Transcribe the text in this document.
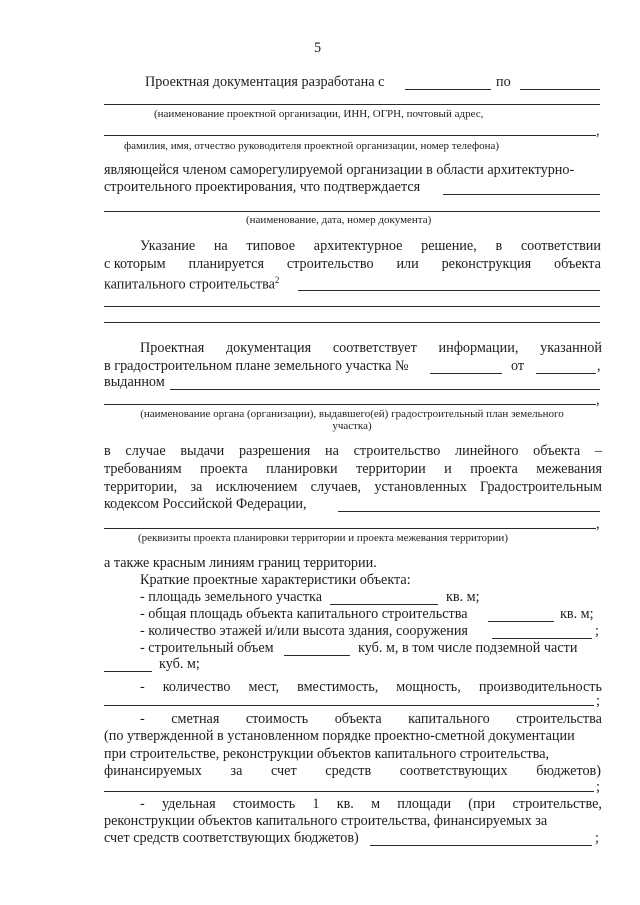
5
Проектная документация разработана с	по
(наименование проектной организации, ИНН, ОГРН, почтовый адрес,
,
фамилия, имя, отчество руководителя проектной организации, номер телефона)
являющейся членом саморегулируемой организации в области архитектурно-
строительного проектирования, что подтверждается
(наименование, дата, номер документа)
Указание на типовое архитектурное решение, в соответствии
с которым планируется строительство или реконструкция объекта
капитального строительства$^2$
Проектная документация соответствует информации, указанной
в градостроительном плане земельного участка №	от	,
выданном
,
(наименование органа (организации), выдавшего(ей) градостроительный план земельного
участка)
в случае выдачи разрешения на строительство линейного объекта –
требованиям проекта планировки территории и проекта межевания
территории, за исключением случаев, установленных Градостроительным
кодексом Российской Федерации,
,
(реквизиты проекта планировки территории и проекта межевания территории)
а также красным линиям границ территории.
Краткие проектные характеристики объекта:
- площадь земельного участка	кв. м;
- общая площадь объекта капитального строительства	кв. м;
- количество этажей и/или высота здания, сооружения	;
- строительный объем	куб. м, в том числе подземной части
куб. м;
- количество мест, вместимость, мощность, производительность
;
- сметная стоимость объекта капитального строительства
(по утвержденной в установленном порядке проектно-сметной документации
при строительстве, реконструкции объектов капитального строительства,
финансируемых за счет средств соответствующих бюджетов)
;
- удельная стоимость 1 кв. м площади (при строительстве,
реконструкции объектов капитального строительства, финансируемых за
счет средств соответствующих бюджетов)	;
